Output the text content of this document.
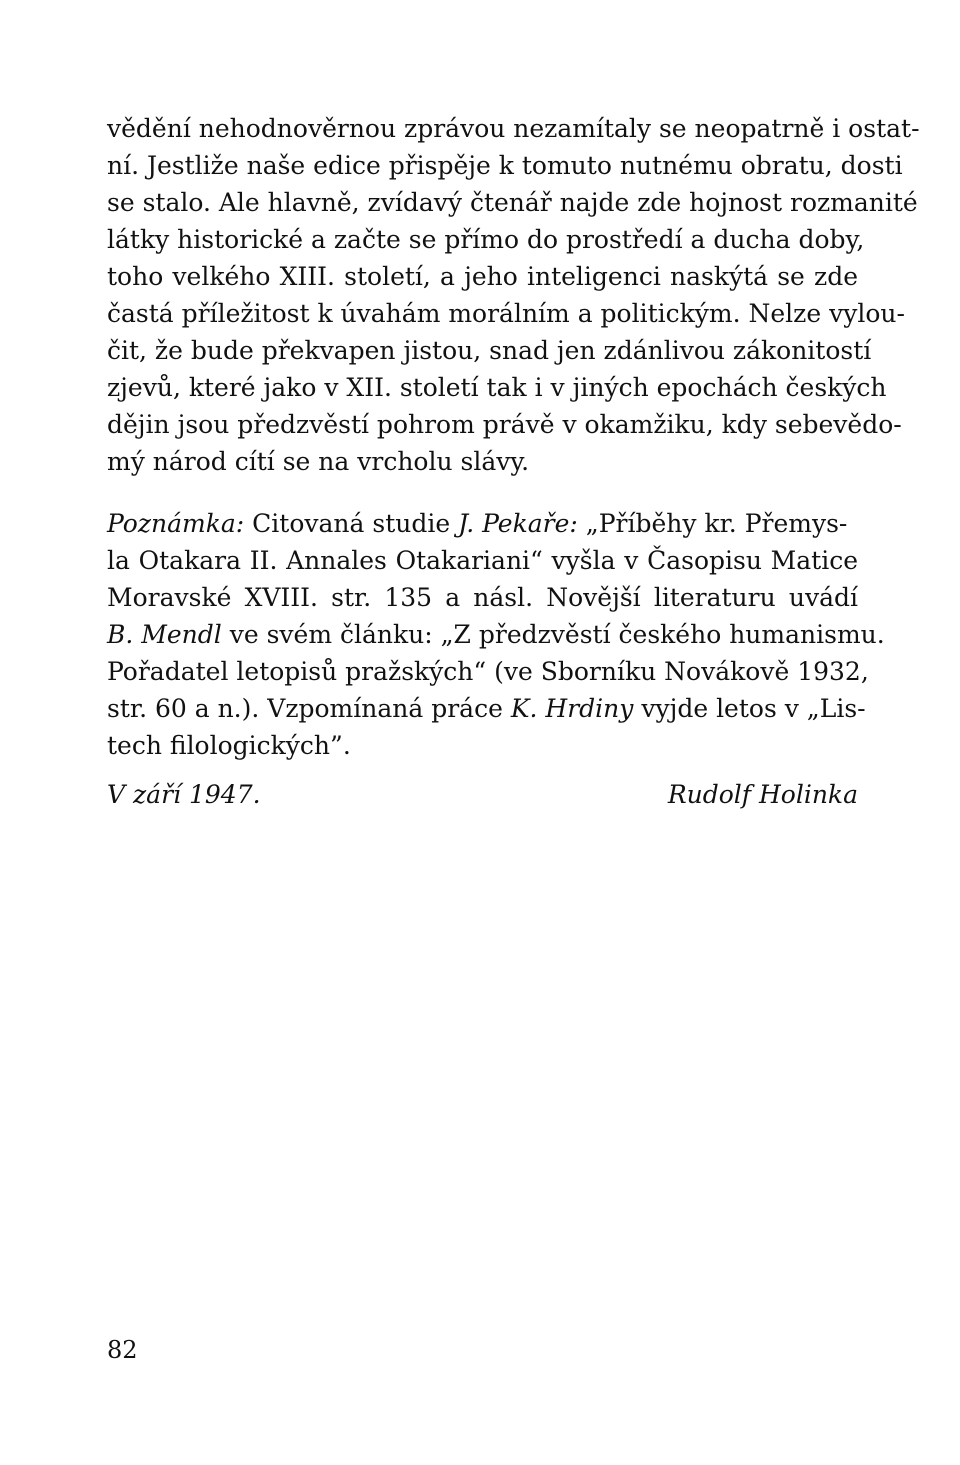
vědění nehodnověrnou zprávou nezamítaly se neopatrně i ostat-
ní. Jestliže naše edice přispěje k tomuto nutnému obratu, dosti
se stalo. Ale hlavně, zvídavý čtenář najde zde hojnost rozmanité
látky historické a začte se přímo do prostředí a ducha doby,
toho velkého XIII. století, a jeho inteligenci naskýtá se zde
častá příležitost k úvahám morálním a politickým. Nelze vylou-
čit, že bude překvapen jistou, snad jen zdánlivou zákonitostí
zjevů, které jako v XII. století tak i v jiných epochách českých
dějin jsou předzvěstí pohrom právě v okamžiku, kdy sebevědo-
mý národ cítí se na vrcholu slávy.
Poznámka: Citovaná studie J. Pekaře: „Příběhy kr. Přemys-
la Otakara II. Annales Otakariani“ vyšla v Časopisu Matice
Moravské XVIII. str. 135 a násl. Novější literaturu uvádí
B. Mendl ve svém článku: „Z předzvěstí českého humanismu.
Pořadatel letopisů pražských“ (ve Sborníku Novákově 1932,
str. 60 a n.). Vzpomínaná práce K. Hrdiny vyjde letos v „Lis-
tech filologických”.
V září 1947.	Rudolf Holinka
82
